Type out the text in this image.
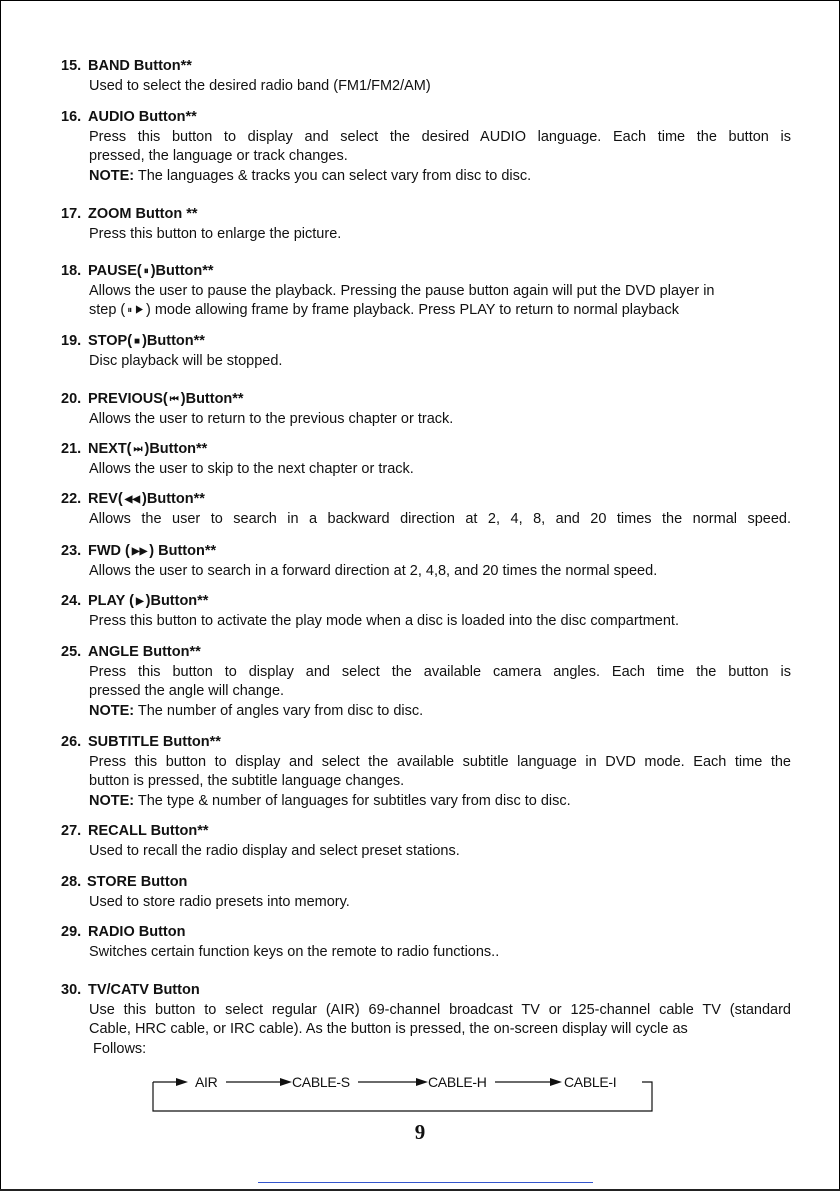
15. BAND Button**
Used to select the desired radio band (FM1/FM2/AM)
16. AUDIO Button**
Press this button to display and select the desired AUDIO language. Each time the button is
pressed, the language or track changes.
NOTE: The languages & tracks you can select vary from disc to disc.
17. ZOOM Button **
Press this button to enlarge the picture.
18. PAUSE( ⏸ )Button**
Allows the user to pause the playback. Pressing the pause button again will put the DVD player in
step ( ⏸ ▶ ) mode allowing frame by frame playback. Press PLAY to return to normal playback
19. STOP( ■ )Button**
Disc playback will be stopped.
20. PREVIOUS( ⏮ )Button**
Allows the user to return to the previous chapter or track.
21. NEXT( ⏭ )Button**
Allows the user to skip to the next chapter or track.
22. REV( ◀◀ )Button**
Allows the user to search in a backward direction at 2, 4, 8, and 20 times the normal speed.
23. FWD ( ▶▶ ) Button**
Allows the user to search in a forward direction at 2, 4,8, and 20 times the normal speed.
24. PLAY ( ▶ )Button**
Press this button to activate the play mode when a disc is loaded into the disc compartment.
25. ANGLE Button**
Press this button to display and select the available camera angles. Each time the button is
pressed the angle will change.
NOTE: The number of angles vary from disc to disc.
26. SUBTITLE Button**
Press this button to display and select the available subtitle language in DVD mode. Each time the
button is pressed, the subtitle language changes.
NOTE: The type & number of languages for subtitles vary from disc to disc.
27. RECALL Button**
Used to recall the radio display and select preset stations.
28. STORE Button
Used to store radio presets into memory.
29. RADIO Button
Switches certain function keys on the remote to radio functions..
30. TV/CATV Button
Use this button to select regular (AIR) 69-channel broadcast TV or 125-channel cable TV (standard
Cable, HRC cable, or IRC cable). As the button is pressed, the on-screen display will cycle as
Follows:
AIR	CABLE-S	CABLE-H	CABLE-I
9
